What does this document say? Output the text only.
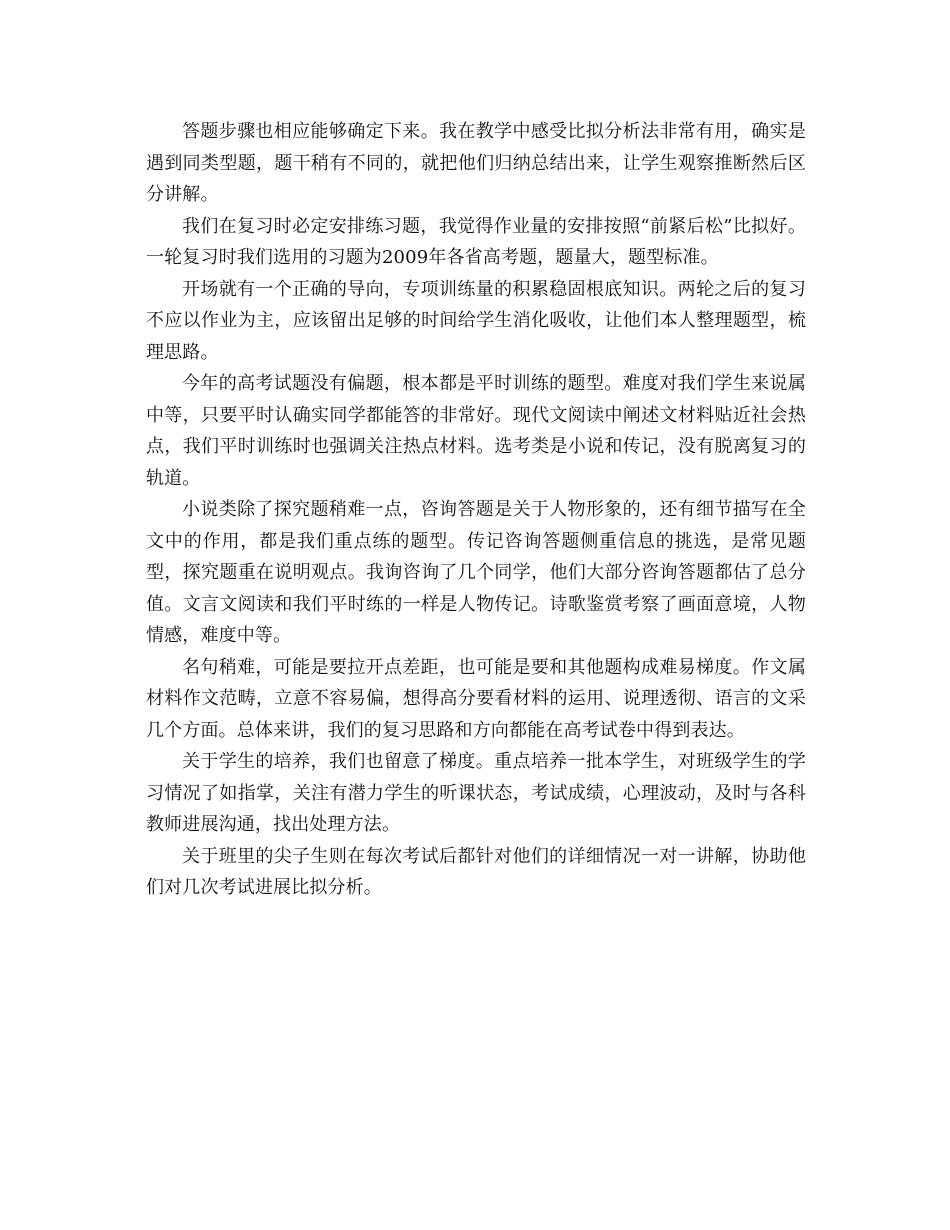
答题步骤也相应能够确定下来。我在教学中感受比拟分析法非常有用，确实是遇到同类型题，题干稍有不同的，就把他们归纳总结出来，让学生观察推断然后区分讲解。

我们在复习时必定安排练习题，我觉得作业量的安排按照“前紧后松”比拟好。一轮复习时我们选用的习题为2009年各省高考题，题量大，题型标准。

开场就有一个正确的导向，专项训练量的积累稳固根底知识。两轮之后的复习不应以作业为主，应该留出足够的时间给学生消化吸收，让他们本人整理题型，梳理思路。

今年的高考试题没有偏题，根本都是平时训练的题型。难度对我们学生来说属中等，只要平时认确实同学都能答的非常好。现代文阅读中阐述文材料贴近社会热点，我们平时训练时也强调关注热点材料。选考类是小说和传记，没有脱离复习的轨道。

小说类除了探究题稍难一点，咨询答题是关于人物形象的，还有细节描写在全文中的作用，都是我们重点练的题型。传记咨询答题侧重信息的挑选，是常见题型，探究题重在说明观点。我询咨询了几个同学，他们大部分咨询答题都估了总分值。文言文阅读和我们平时练的一样是人物传记。诗歌鉴赏考察了画面意境，人物情感，难度中等。

名句稍难，可能是要拉开点差距，也可能是要和其他题构成难易梯度。作文属材料作文范畴，立意不容易偏，想得高分要看材料的运用、说理透彻、语言的文采几个方面。总体来讲，我们的复习思路和方向都能在高考试卷中得到表达。

关于学生的培养，我们也留意了梯度。重点培养一批本学生，对班级学生的学习情况了如指掌，关注有潜力学生的听课状态，考试成绩，心理波动，及时与各科教师进展沟通，找出处理方法。

关于班里的尖子生则在每次考试后都针对他们的详细情况一对一讲解，协助他们对几次考试进展比拟分析。
